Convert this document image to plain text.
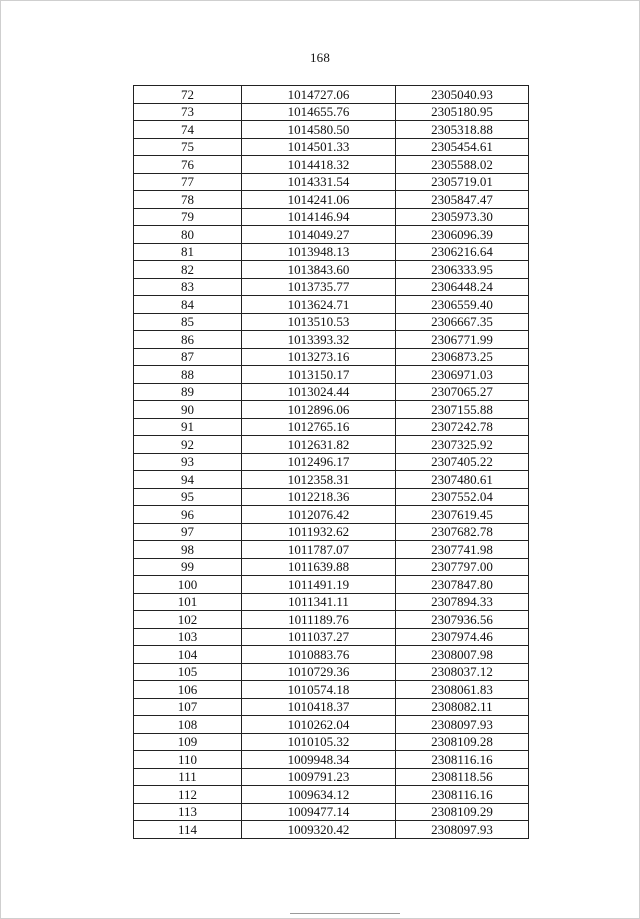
168
72	1014727.06	2305040.93
73	1014655.76	2305180.95
74	1014580.50	2305318.88
75	1014501.33	2305454.61
76	1014418.32	2305588.02
77	1014331.54	2305719.01
78	1014241.06	2305847.47
79	1014146.94	2305973.30
80	1014049.27	2306096.39
81	1013948.13	2306216.64
82	1013843.60	2306333.95
83	1013735.77	2306448.24
84	1013624.71	2306559.40
85	1013510.53	2306667.35
86	1013393.32	2306771.99
87	1013273.16	2306873.25
88	1013150.17	2306971.03
89	1013024.44	2307065.27
90	1012896.06	2307155.88
91	1012765.16	2307242.78
92	1012631.82	2307325.92
93	1012496.17	2307405.22
94	1012358.31	2307480.61
95	1012218.36	2307552.04
96	1012076.42	2307619.45
97	1011932.62	2307682.78
98	1011787.07	2307741.98
99	1011639.88	2307797.00
100	1011491.19	2307847.80
101	1011341.11	2307894.33
102	1011189.76	2307936.56
103	1011037.27	2307974.46
104	1010883.76	2308007.98
105	1010729.36	2308037.12
106	1010574.18	2308061.83
107	1010418.37	2308082.11
108	1010262.04	2308097.93
109	1010105.32	2308109.28
110	1009948.34	2308116.16
111	1009791.23	2308118.56
112	1009634.12	2308116.16
113	1009477.14	2308109.29
114	1009320.42	2308097.93
